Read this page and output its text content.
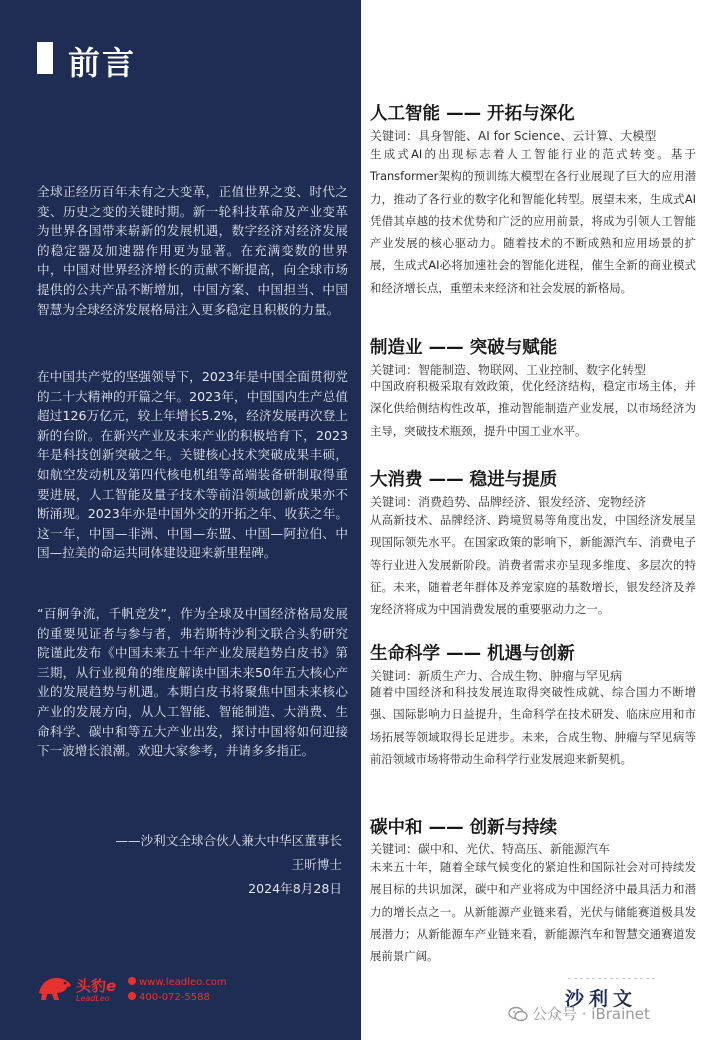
前言

全球正经历百年未有之大变革，正值世界之变、时代之变、历史之变的关键时期。新一轮科技革命及产业变革为世界各国带来崭新的发展机遇，数字经济对经济发展的稳定器及加速器作用更为显著。在充满变数的世界中，中国对世界经济增长的贡献不断提高，向全球市场提供的公共产品不断增加，中国方案、中国担当、中国智慧为全球经济发展格局注入更多稳定且积极的力量。

在中国共产党的坚强领导下，2023年是中国全面贯彻党的二十大精神的开篇之年。2023年，中国国内生产总值超过126万亿元，较上年增长5.2%，经济发展再次登上新的台阶。在新兴产业及未来产业的积极培育下，2023年是科技创新突破之年。关键核心技术突破成果丰硕，如航空发动机及第四代核电机组等高端装备研制取得重要进展，人工智能及量子技术等前沿领域创新成果亦不断涌现。2023年亦是中国外交的开拓之年、收获之年。这一年，中国—非洲、中国—东盟、中国—阿拉伯、中国—拉美的命运共同体建设迎来新里程碑。

“百舸争流，千帆竞发”，作为全球及中国经济格局发展的重要见证者与参与者，弗若斯特沙利文联合头豹研究院谨此发布《中国未来五十年产业发展趋势白皮书》第三期，从行业视角的维度解读中国未来50年五大核心产业的发展趋势与机遇。本期白皮书将聚焦中国未来核心产业的发展方向，从人工智能、智能制造、大消费、生命科学、碳中和等五大产业出发，探讨中国将如何迎接下一波增长浪潮。欢迎大家参考，并请多多指正。

——沙利文全球合伙人兼大中华区董事长
王昕博士
2024年8月28日
头豹e
LeadLeo
www.leadleo.com
400-072-5588
人工智能 —— 开拓与深化
关键词：具身智能、AI for Science、云计算、大模型

生成式AI的出现标志着人工智能行业的范式转变。基于Transformer架构的预训练大模型在各行业展现了巨大的应用潜力，推动了各行业的数字化和智能化转型。展望未来，生成式AI凭借其卓越的技术优势和广泛的应用前景，将成为引领人工智能产业发展的核心驱动力。随着技术的不断成熟和应用场景的扩展，生成式AI必将加速社会的智能化进程，催生全新的商业模式和经济增长点，重塑未来经济和社会发展的新格局。

制造业 —— 突破与赋能
关键词：智能制造、物联网、工业控制、数字化转型

中国政府积极采取有效政策，优化经济结构，稳定市场主体，并深化供给侧结构性改革，推动智能制造产业发展，以市场经济为主导，突破技术瓶颈，提升中国工业水平。

大消费 —— 稳进与提质
关键词：消费趋势、品牌经济、银发经济、宠物经济

从高新技术、品牌经济、跨境贸易等角度出发，中国经济发展呈现国际领先水平。在国家政策的影响下，新能源汽车、消费电子等行业进入发展新阶段。消费者需求亦呈现多维度、多层次的特征。未来，随着老年群体及养宠家庭的基数增长，银发经济及养宠经济将成为中国消费发展的重要驱动力之一。

生命科学 —— 机遇与创新
关键词：新质生产力、合成生物、肿瘤与罕见病

随着中国经济和科技发展连取得突破性成就、综合国力不断增强、国际影响力日益提升，生命科学在技术研发、临床应用和市场拓展等领域取得长足进步。未来，合成生物、肿瘤与罕见病等前沿领域市场将带动生命科学行业发展迎来新契机。

碳中和 —— 创新与持续
关键词：碳中和、光伏、特高压、新能源汽车

未来五十年，随着全球气候变化的紧迫性和国际社会对可持续发展目标的共识加深，碳中和产业将成为中国经济中最具活力和潜力的增长点之一。从新能源产业链来看，光伏与储能赛道极具发展潜力；从新能源车产业链来看，新能源汽车和智慧交通赛道发展前景广阔。

沙利文
公众号 · iBrainet
